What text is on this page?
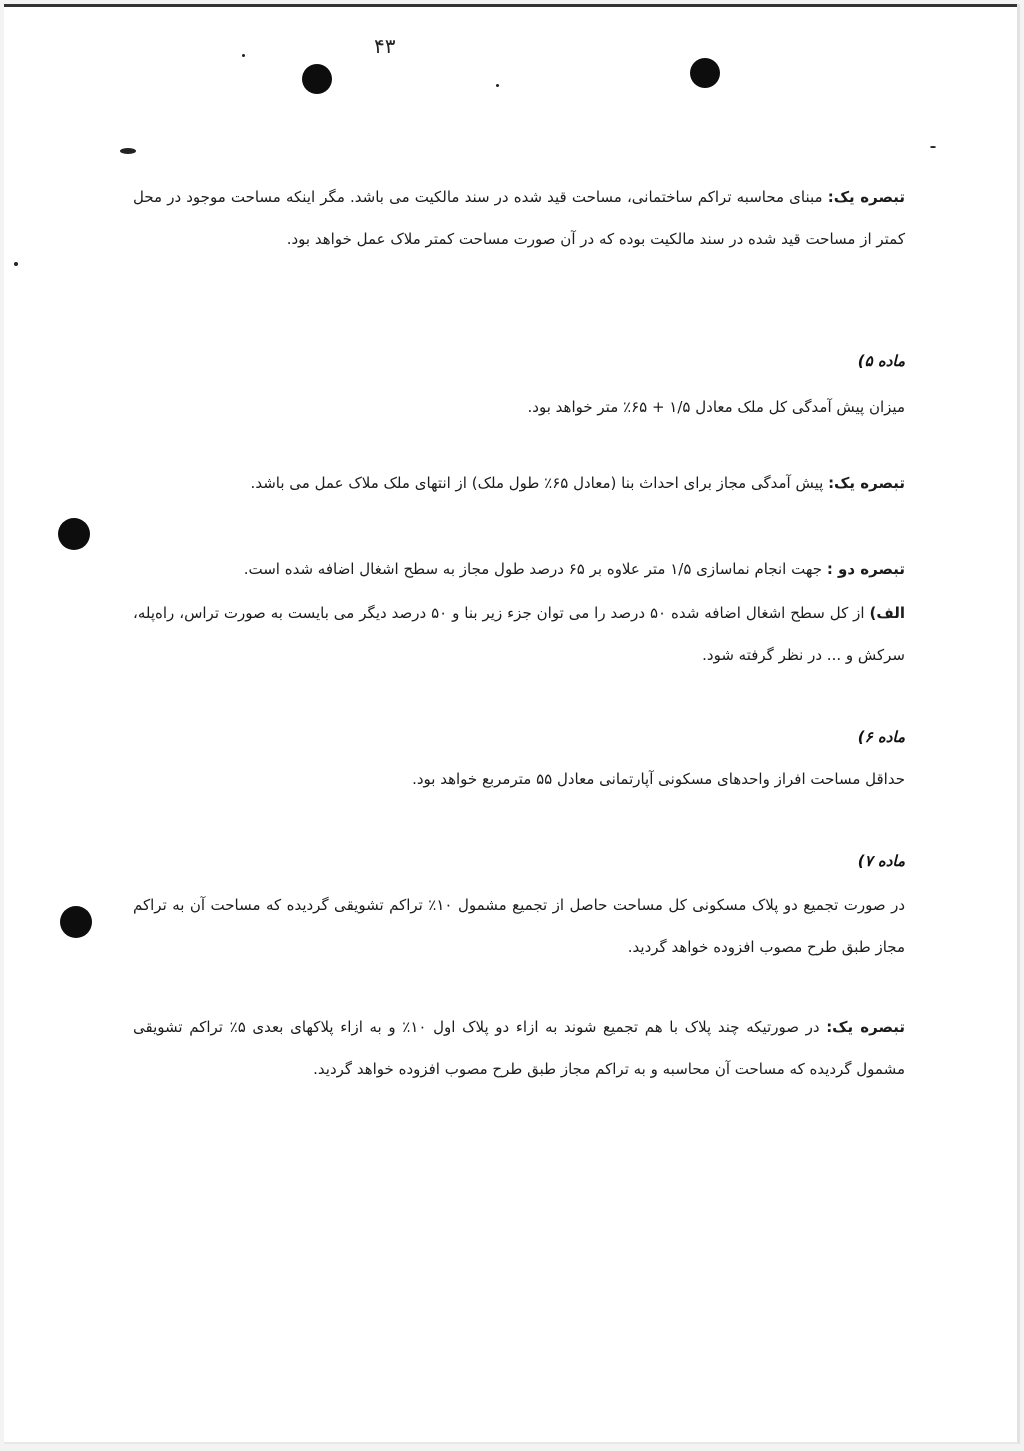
۴۳
تبصره یک: مبنای محاسبه تراکم ساختمانی، مساحت قید شده در سند مالکیت می باشد. مگر اینکه مساحت موجود در محل کمتر از مساحت قید شده در سند مالکیت بوده که در آن صورت مساحت کمتر ملاک عمل خواهد بود.
ماده ۵)
میزان پیش آمدگی کل ملک معادل ۱/۵ + ۶۵٪ متر خواهد بود.
تبصره یک: پیش آمدگی مجاز برای احداث بنا (معادل ۶۵٪ طول ملک) از انتهای ملک ملاک عمل می باشد.
تبصره دو : جهت انجام نماسازی ۱/۵ متر علاوه بر ۶۵ درصد طول مجاز به سطح اشغال اضافه شده است.
الف) از کل سطح اشغال اضافه شده ۵۰ درصد را می توان جزء زیر بنا و ۵۰ درصد دیگر می بایست به صورت تراس، راه‌پله، سرکش و ... در نظر گرفته شود.
ماده ۶)
حداقل مساحت افراز واحدهای مسکونی آپارتمانی معادل ۵۵ مترمربع خواهد بود.
ماده ۷)
در صورت تجمیع دو پلاک مسکونی کل مساحت حاصل از تجمیع مشمول ۱۰٪ تراکم تشویقی گردیده که مساحت آن به تراکم مجاز طبق طرح مصوب افزوده خواهد گردید.
تبصره یک: در صورتیکه چند پلاک با هم تجمیع شوند به ازاء دو پلاک اول ۱۰٪ و به ازاء پلاکهای بعدی ۵٪ تراکم تشویقی مشمول گردیده که مساحت آن محاسبه و به تراکم مجاز طبق طرح مصوب افزوده خواهد گردید.
